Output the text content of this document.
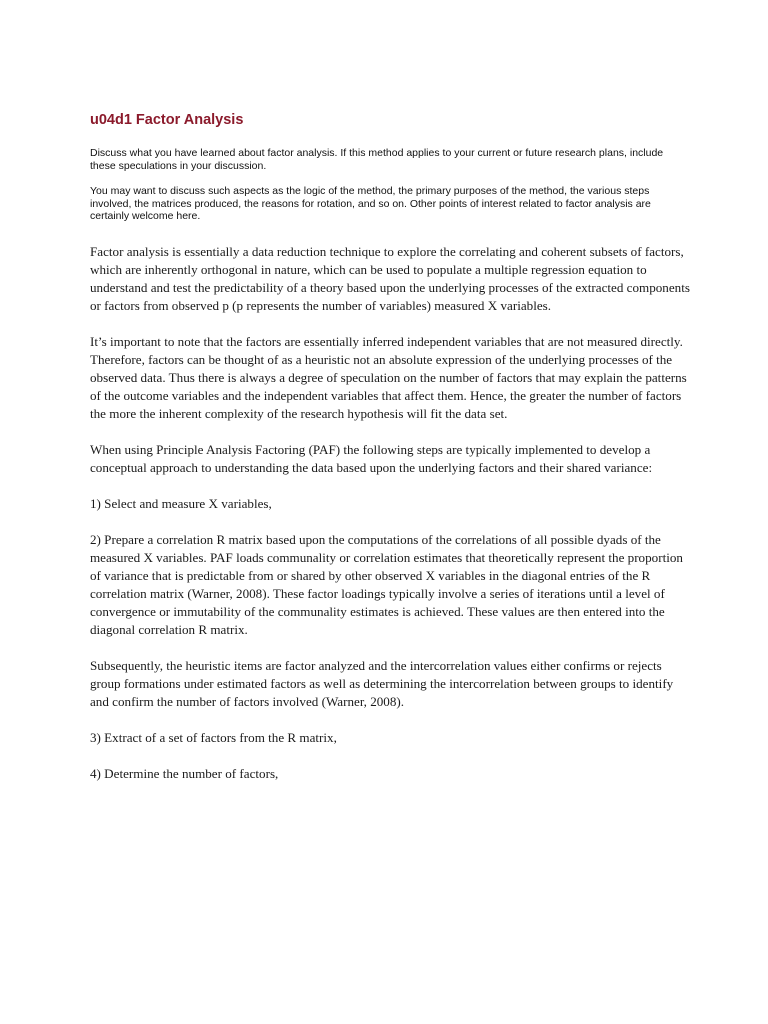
u04d1 Factor Analysis

Discuss what you have learned about factor analysis. If this method applies to your current or future research plans, include these speculations in your discussion.

You may want to discuss such aspects as the logic of the method, the primary purposes of the method, the various steps involved, the matrices produced, the reasons for rotation, and so on. Other points of interest related to factor analysis are certainly welcome here.

Factor analysis is essentially a data reduction technique to explore the correlating and coherent subsets of factors, which are inherently orthogonal in nature, which can be used to populate a multiple regression equation to understand and test the predictability of a theory based upon the underlying processes of the extracted components or factors from observed p (p represents the number of variables) measured X variables.

It’s important to note that the factors are essentially inferred independent variables that are not measured directly. Therefore, factors can be thought of as a heuristic not an absolute expression of the underlying processes of the observed data. Thus there is always a degree of speculation on the number of factors that may explain the patterns of the outcome variables and the independent variables that affect them. Hence, the greater the number of factors the more the inherent complexity of the research hypothesis will fit the data set.

When using Principle Analysis Factoring (PAF) the following steps are typically implemented to develop a conceptual approach to understanding the data based upon the underlying factors and their shared variance:

1) Select and measure X variables,

2) Prepare a correlation R matrix based upon the computations of the correlations of all possible dyads of the measured X variables. PAF loads communality or correlation estimates that theoretically represent the proportion of variance that is predictable from or shared by other observed X variables in the diagonal entries of the R correlation matrix (Warner, 2008). These factor loadings typically involve a series of iterations until a level of convergence or immutability of the communality estimates is achieved. These values are then entered into the diagonal correlation R matrix.

Subsequently, the heuristic items are factor analyzed and the intercorrelation values either confirms or rejects group formations under estimated factors as well as determining the intercorrelation between groups to identify and confirm the number of factors involved (Warner, 2008).

3) Extract of a set of factors from the R matrix,

4) Determine the number of factors,
